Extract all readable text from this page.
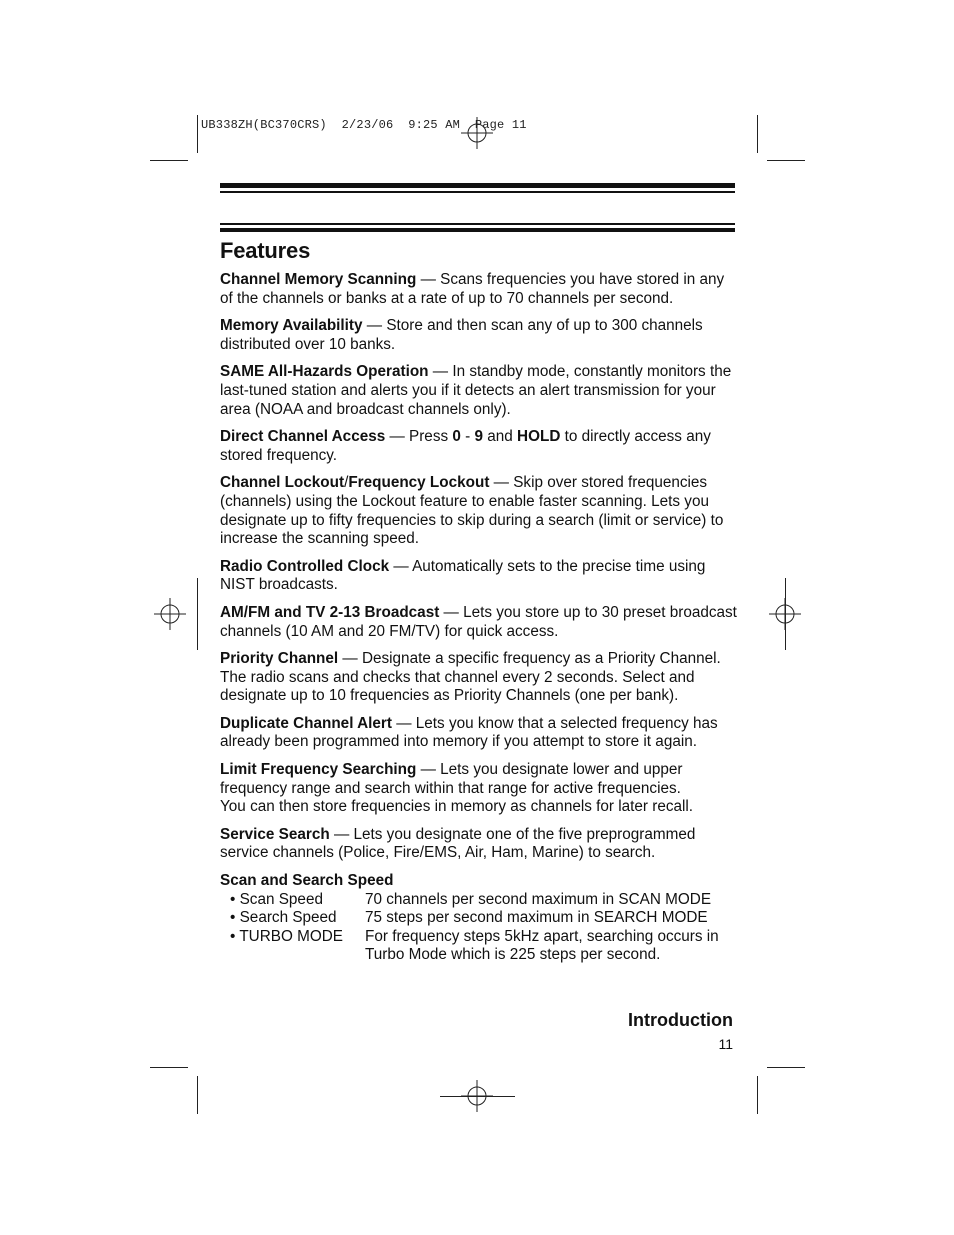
UB338ZH(BC370CRS)  2/23/06  9:25 AM  Page 11
Features

Channel Memory Scanning — Scans frequencies you have stored in any of the channels or banks at a rate of up to 70 channels per second.

Memory Availability — Store and then scan any of up to 300 channels distributed over 10 banks.

SAME All-Hazards Operation — In standby mode, constantly monitors the last-tuned station and alerts you if it detects an alert transmission for your area (NOAA and broadcast channels only).

Direct Channel Access — Press 0 - 9 and HOLD to directly access any stored frequency.

Channel Lockout/Frequency Lockout — Skip over stored frequencies (channels) using the Lockout feature to enable faster scanning. Lets you designate up to fifty frequencies to skip during a search (limit or service) to increase the scanning speed.

Radio Controlled Clock — Automatically sets to the precise time using NIST broadcasts.

AM/FM and TV 2-13 Broadcast — Lets you store up to 30 preset broadcast channels (10 AM and 20 FM/TV) for quick access.

Priority Channel — Designate a specific frequency as a Priority Channel. The radio scans and checks that channel every 2 seconds. Select and designate up to 10 frequencies as Priority Channels (one per bank).

Duplicate Channel Alert — Lets you know that a selected frequency has already been programmed into memory if you attempt to store it again.

Limit Frequency Searching — Lets you designate lower and upper frequency range and search within that range for active frequencies.
You can then store frequencies in memory as channels for later recall.

Service Search — Lets you designate one of the five preprogrammed service channels (Police, Fire/EMS, Air, Ham, Marine) to search.

Scan and Search Speed

• Scan Speed	70 channels per second maximum in SCAN MODE
• Search Speed	75 steps per second maximum in SEARCH MODE
• TURBO MODE	For frequency steps 5kHz apart, searching occurs in Turbo Mode which is 225 steps per second.
Introduction
11
